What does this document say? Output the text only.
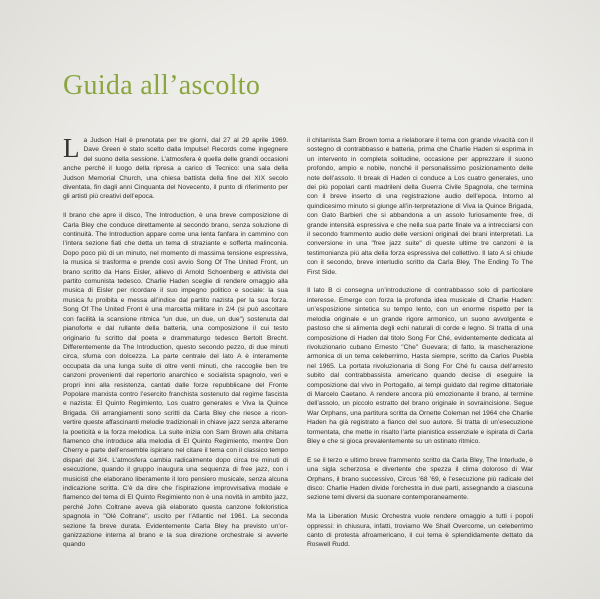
Guida all’ascolto

La Judson Hall è prenotata per tre giorni, dal 27 al 29 aprile 1969. Dave Green è stato scelto dalla Impulse! Records come ingegnere del suono della sessione. L’atmosfera è quella delle grandi occasioni anche perché il luogo della ripresa a carico di Tecnico: una sala della Judson Memorial Church, una chiesa battista della fine del XIX secolo diventata, fin dagli anni Cinquanta del Novecento, il punto di riferimento per gli artisti più creativi dell’epoca.

Il brano che apre il disco, The Introduction, è una breve composizione di Carla Bley che conduce direttamente al secondo brano, senza soluzione di continuità. The Introduction appare come una lenta fanfara in cammino con l’intera sezione fiati che detta un tema di straziante e sofferta malinconia. Dopo poco più di un minuto, nel momento di massima tensione espressiva, la musica si trasforma e prende così avvio Song Of The United Front, un brano scritto da Hans Eisler, allievo di Arnold Schoenberg e attivista del partito comunista tedesco. Charlie Haden sceglie di rendere omaggio alla musica di Eisler per ricordare il suo impegno politico e sociale: la sua musica fu proibita e messa all’indice dal partito nazista per la sua forza. Song Of The United Front è una marcetta militare in 2/4 (si può ascoltare con facilità la scansione ritmica "un due, un due, un due") sostenuta dal pianoforte e dal rullante della batteria, una composizione il cui testo originario fu scritto dal poeta e drammaturgo tedesco Bertolt Brecht. Differentemente da The Introduction, questo secondo pezzo, di due minuti circa, sfuma con dolcezza. La parte centrale del lato A è interamente occupata da una lunga suite di oltre venti minuti, che raccoglie ben tre canzoni provenienti dal repertorio anarchico e socialista spagnolo, veri e propri inni alla resistenza, cantati dalle forze repubblicane del Fronte Popolare marxista contro l’esercito franchista sostenuto dal regime fascista e nazista: El Quinto Regimiento, Los cuatro generales e Viva la Quince Brigada. Gli arrangiamenti sono scritti da Carla Bley che riesce a ricon-vertire queste affascinanti melodie tradizionali in chiave jazz senza alterarne la poeticità e la forza melodica. La suite inizia con Sam Brown alla chitarra flamenco che introduce alla melodia di El Quinto Regimiento, mentre Don Cherry e parte dell’ensemble ispirano nel citare il tema con il classico tempo dispari del 3/4. L’atmosfera cambia radicalmente dopo circa tre minuti di esecuzione, quando il gruppo inaugura una sequenza di free jazz, con i musicisti che elaborano liberamente il loro pensiero musicale, senza alcuna indicazione scritta. C’è da dire che l’ispirazione improvvisativa modale e flamenco del tema di El Quinto Regimiento non è una novità in ambito jazz, perché John Coltrane aveva già elaborato questa canzone folkloristica spagnola in "Olé Coltrane", uscito per l’Atlantic nel 1961. La seconda sezione fa breve durata. Evidentemente Carla Bley ha previsto un’or-ganizzazione interna al brano e la sua direzione orchestrale si avverte quando

il chitarrista Sam Brown torna a rielaborare il tema con grande vivacità con il sostegno di contrabbasso e batteria, prima che Charlie Haden si esprima in un intervento in completa solitudine, occasione per apprezzare il suono profondo, ampio e nobile, nonché il personalissimo posizionamento delle note dell’assolo. Il break di Haden ci conduce a Los cuatro generales, uno dei più popolari canti madrileni della Guerra Civile Spagnola, che termina con il breve inserto di una registrazione audio dell’epoca. Intorno al quindicesimo minuto si giunge all’in-terpretazione di Viva la Quince Brigada, con Gato Barbieri che si abbandona a un assolo furiosamente free, di grande intensità espressiva e che nella sua parte finale va a intrecciarsi con il secondo frammento audio delle versioni originali dei brani interpretati. La conversione in una "free jazz suite" di queste ultime tre canzoni è la testimonianza più alta della forza espressiva del collettivo. Il lato A si chiude con il secondo, breve interludio scritto da Carla Bley, The Ending To The First Side.

Il lato B ci consegna un’introduzione di contrabbasso solo di particolare interesse. Emerge con forza la profonda idea musicale di Charlie Haden: un’esposizione sintetica su tempo lento, con un enorme rispetto per la melodia originale e un grande rigore armonico, un suono avvolgente e pastoso che si alimenta degli echi naturali di corde e legno. Si tratta di una composizione di Haden dal titolo Song For Ché, evidentemente dedicata al rivoluzionario cubano Ernesto "Che" Guevara; di fatto, la mascherazione armonica di un tema celeberrimo, Hasta siempre, scritto da Carlos Puebla nel 1965. La portata rivoluzionaria di Song For Ché fu causa dell’arresto subito dal contrabbassista americano quando decise di eseguire la composizione dal vivo in Portogallo, ai tempi guidato dal regime dittatoriale di Marcelo Caetano. A rendere ancora più emozionante il brano, al termine dell’assolo, un piccolo estratto del brano originale in sovraincisione. Segue War Orphans, una partitura scritta da Ornette Coleman nel 1964 che Charlie Haden ha già registrato a fianco del suo autore. Si tratta di un’esecuzione tormentata, che mette in risalto l’arte pianistica essenziale e ispirata di Carla Bley e che si gioca prevalentemente su un ostinato ritmico.

E se il terzo e ultimo breve frammento scritto da Carla Bley, The Interlude, è una sigla scherzosa e divertente che spezza il clima doloroso di War Orphans, il brano successivo, Circus ’68 ’69, è l’esecuzione più radicale del disco: Charlie Haden divide l’orchestra in due parti, assegnando a ciascuna sezione temi diversi da suonare contemporaneamente.

Ma la Liberation Music Orchestra vuole rendere omaggio a tutti i popoli oppressi: in chiusura, infatti, troviamo We Shall Overcome, un celeberrimo canto di protesta afroamericano, il cui tema è splendidamente dettato da Roswell Rudd.
